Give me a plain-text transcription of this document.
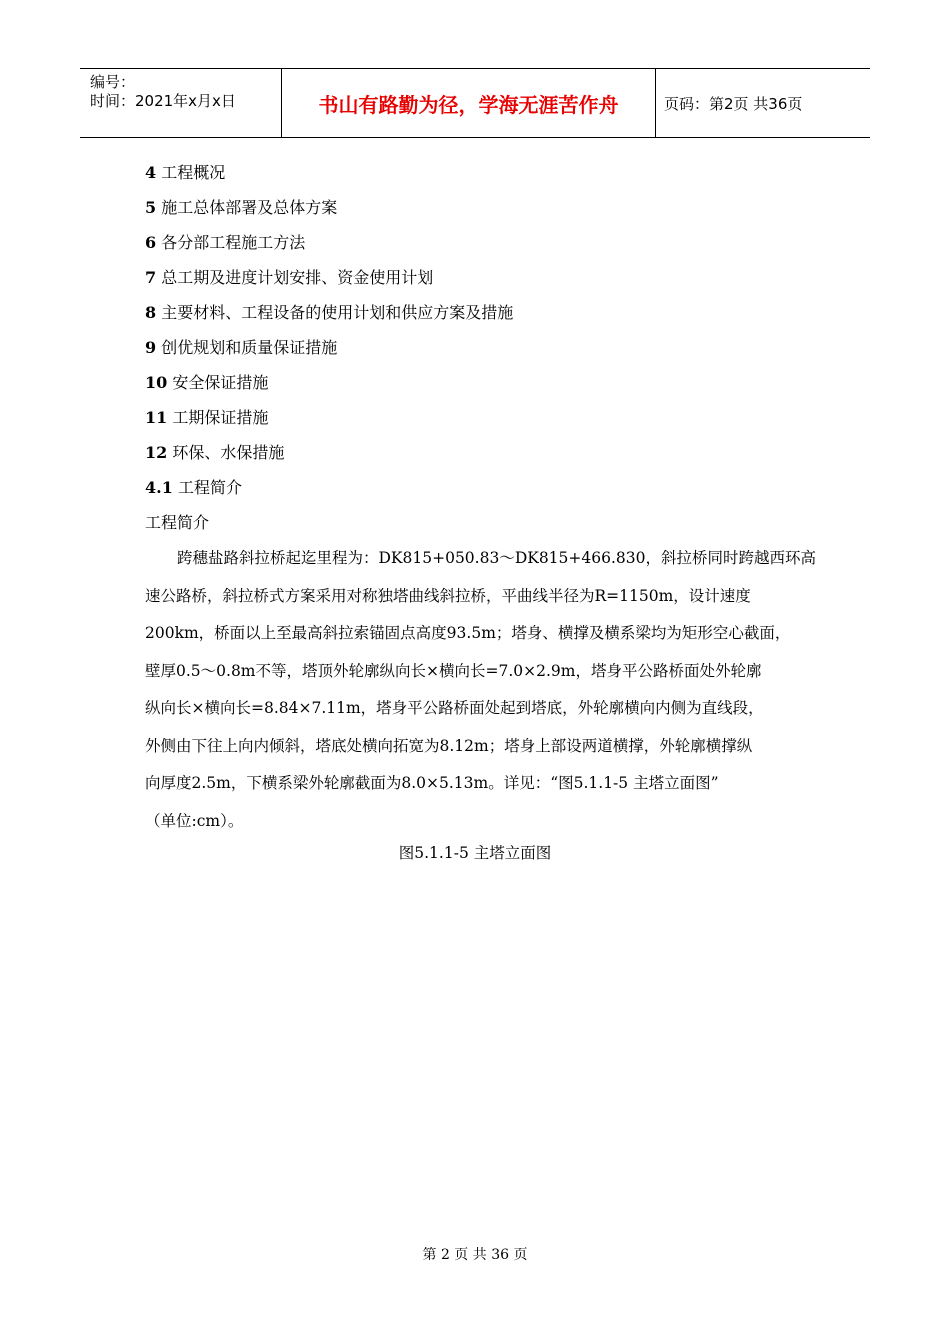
编号：
时间：2021年x月x日	书山有路勤为径，学海无涯苦作舟	页码：第2页 共36页
4 工程概况
5 施工总体部署及总体方案
6 各分部工程施工方法
7 总工期及进度计划安排、资金使用计划
8 主要材料、工程设备的使用计划和供应方案及措施
9 创优规划和质量保证措施
10 安全保证措施
11 工期保证措施
12 环保、水保措施
4.1 工程简介
工程简介
跨穗盐路斜拉桥起迄里程为：DK815+050.83～DK815+466.830，斜拉桥同时跨越西环高
速公路桥，斜拉桥式方案采用对称独塔曲线斜拉桥，平曲线半径为R=1150m，设计速度
200km，桥面以上至最高斜拉索锚固点高度93.5m；塔身、横撑及横系梁均为矩形空心截面，
壁厚0.5～0.8m不等，塔顶外轮廓纵向长×横向长=7.0×2.9m，塔身平公路桥面处外轮廓
纵向长×横向长=8.84×7.11m，塔身平公路桥面处起到塔底，外轮廓横向内侧为直线段，
外侧由下往上向内倾斜，塔底处横向拓宽为8.12m；塔身上部设两道横撑，外轮廓横撑纵
向厚度2.5m，下横系梁外轮廓截面为8.0×5.13m。详见：“图5.1.1-5 主塔立面图”
（单位:cm）。
图5.1.1-5 主塔立面图
第 2 页 共 36 页
